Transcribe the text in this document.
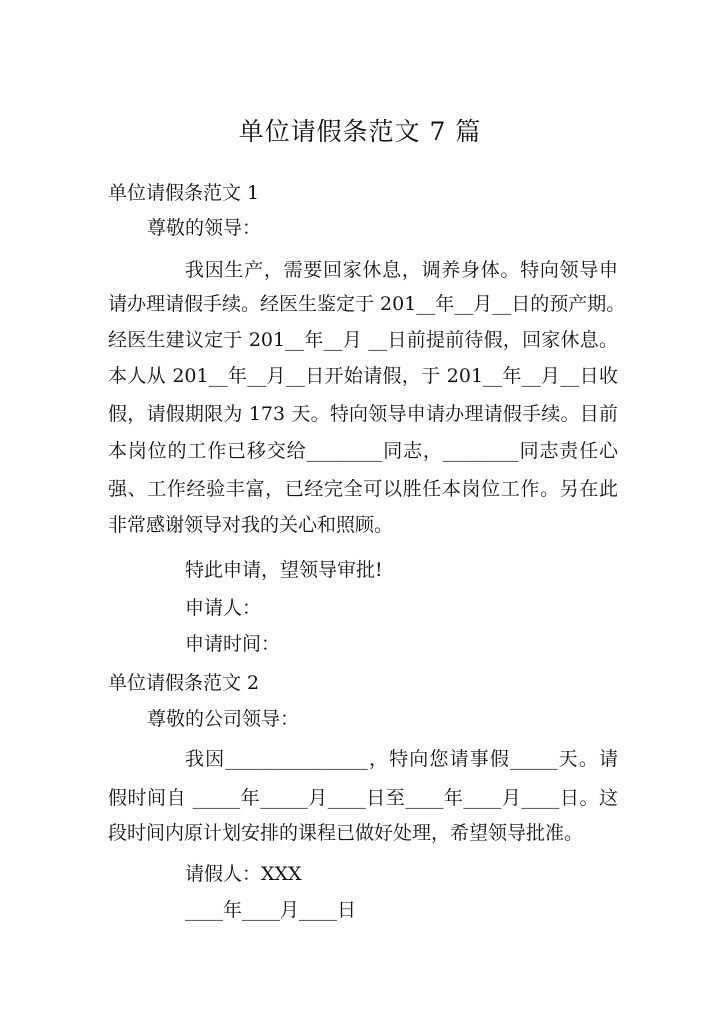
单位请假条范文 7 篇
单位请假条范文 1
尊敬的领导：
我因生产，需要回家休息，调养身体。特向领导申
请办理请假手续。经医生鉴定于 201__年__月__日的预产期。
经医生建议定于 201__年__月 __日前提前待假，回家休息。
本人从 201__年__月__日开始请假，于 201__年__月__日收
假，请假期限为 173 天。特向领导申请办理请假手续。目前
本岗位的工作已移交给________同志，________同志责任心
强、工作经验丰富，已经完全可以胜任本岗位工作。另在此
非常感谢领导对我的关心和照顾。
特此申请，望领导审批!
申请人：
申请时间：
单位请假条范文 2
尊敬的公司领导：
我因_______________，特向您请事假_____天。请
假时间自 _____年_____月____日至____年____月____日。这
段时间内原计划安排的课程已做好处理，希望领导批准。
请假人：XXX
____年____月____日
